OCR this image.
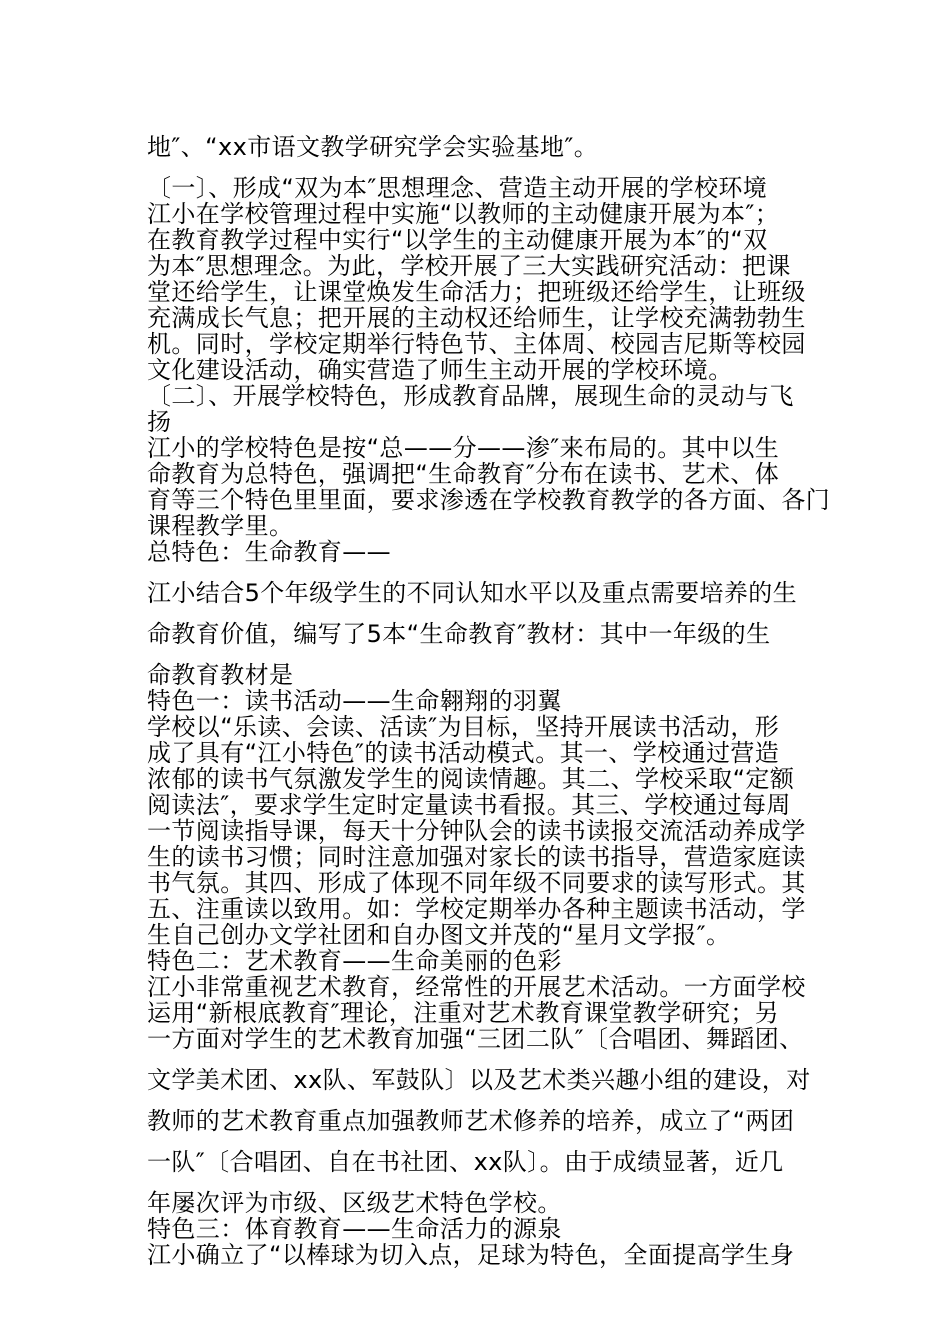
地″、“xx市语文教学研究学会实验基地″。

〔一〕、形成“双为本″思想理念、营造主动开展的学校环境

江小在学校管理过程中实施“以教师的主动健康开展为本″；

在教育教学过程中实行“以学生的主动健康开展为本″的“双

为本″思想理念。为此，学校开展了三大实践研究活动：把课

堂还给学生，让课堂焕发生命活力；把班级还给学生，让班级

充满成长气息；把开展的主动权还给师生，让学校充满勃勃生

机。同时，学校定期举行特色节、主体周、校园吉尼斯等校园

文化建设活动，确实营造了师生主动开展的学校环境。

〔二〕、开展学校特色，形成教育品牌，展现生命的灵动与飞

扬

江小的学校特色是按“总——分——渗″来布局的。其中以生

命教育为总特色，强调把“生命教育″分布在读书、艺术、体

育等三个特色里里面，要求渗透在学校教育教学的各方面、各门

课程教学里。

总特色：生命教育——

江小结合5个年级学生的不同认知水平以及重点需要培养的生

命教育价值，编写了5本“生命教育″教材：其中一年级的生

命教育教材是

特色一：读书活动——生命翱翔的羽翼

学校以“乐读、会读、活读″为目标，坚持开展读书活动，形

成了具有“江小特色″的读书活动模式。其一、学校通过营造

浓郁的读书气氛激发学生的阅读情趣。其二、学校采取“定额

阅读法″，要求学生定时定量读书看报。其三、学校通过每周

一节阅读指导课，每天十分钟队会的读书读报交流活动养成学

生的读书习惯；同时注意加强对家长的读书指导，营造家庭读

书气氛。其四、形成了体现不同年级不同要求的读写形式。其

五、注重读以致用。如：学校定期举办各种主题读书活动，学

生自己创办文学社团和自办图文并茂的“星月文学报″。

特色二：艺术教育——生命美丽的色彩

江小非常重视艺术教育，经常性的开展艺术活动。一方面学校

运用“新根底教育″理论，注重对艺术教育课堂教学研究；另

一方面对学生的艺术教育加强“三团二队″〔合唱团、舞蹈团、

文学美术团、xx队、军鼓队〕以及艺术类兴趣小组的建设，对

教师的艺术教育重点加强教师艺术修养的培养，成立了“两团

一队″〔合唱团、自在书社团、xx队〕。由于成绩显著，近几

年屡次评为市级、区级艺术特色学校。

特色三：体育教育——生命活力的源泉

江小确立了“以棒球为切入点，足球为特色，全面提高学生身
